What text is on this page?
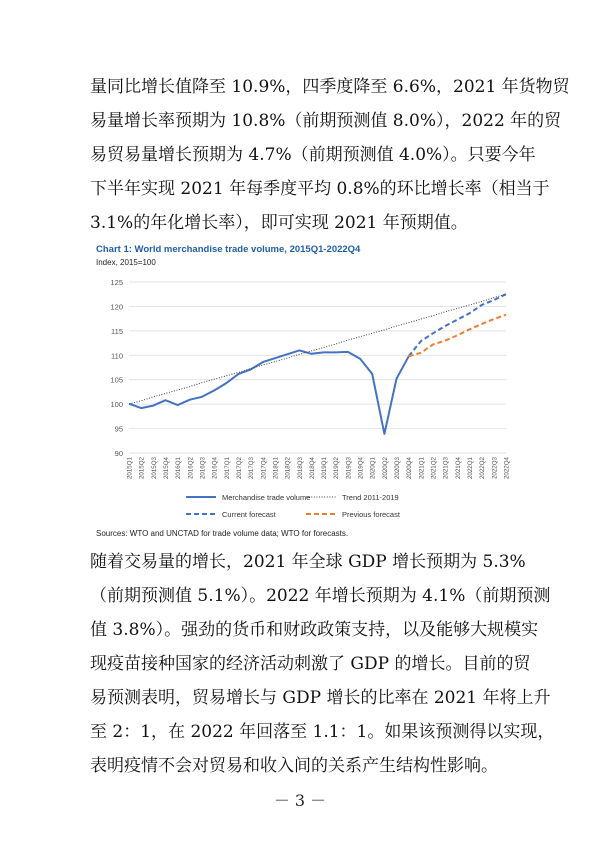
量同比增长值降至 10.9%，四季度降至 6.6%，2021 年货物贸
易量增长率预期为 10.8%（前期预测值 8.0%），2022 年的贸
易贸易量增长预期为 4.7%（前期预测值 4.0%）。只要今年
下半年实现 2021 年每季度平均 0.8%的环比增长率（相当于
3.1%的年化增长率），即可实现 2021 年预期值。
Chart 1: World merchandise trade volume, 2015Q1-2022Q4
Index, 2015=100
90
95
100
105
110
115
120
125
2015Q1 2015Q2 2015Q3 2015Q4 2016Q1 2016Q2 2016Q3 2016Q4 2017Q1 2017Q2 2017Q3 2017Q4 2018Q1 2018Q2 2018Q3 2018Q4 2019Q1 2019Q2 2019Q3 2019Q4 2020Q1 2020Q2 2020Q3 2020Q4 2021Q1 2021Q2 2021Q3 2021Q4 2022Q1 2022Q2 2022Q3 2022Q4
Merchandise trade volume	Trend 2011-2019
Current forecast	Previous forecast
Sources: WTO and UNCTAD for trade volume data; WTO for forecasts.
随着交易量的增长，2021 年全球 GDP 增长预期为 5.3%
（前期预测值 5.1%）。2022 年增长预期为 4.1%（前期预测
值 3.8%）。强劲的货币和财政政策支持，以及能够大规模实
现疫苗接种国家的经济活动刺激了 GDP 的增长。目前的贸
易预测表明，贸易增长与 GDP 增长的比率在 2021 年将上升
至 2：1，在 2022 年回落至 1.1：1。如果该预测得以实现，
表明疫情不会对贸易和收入间的关系产生结构性影响。
－ 3 －
